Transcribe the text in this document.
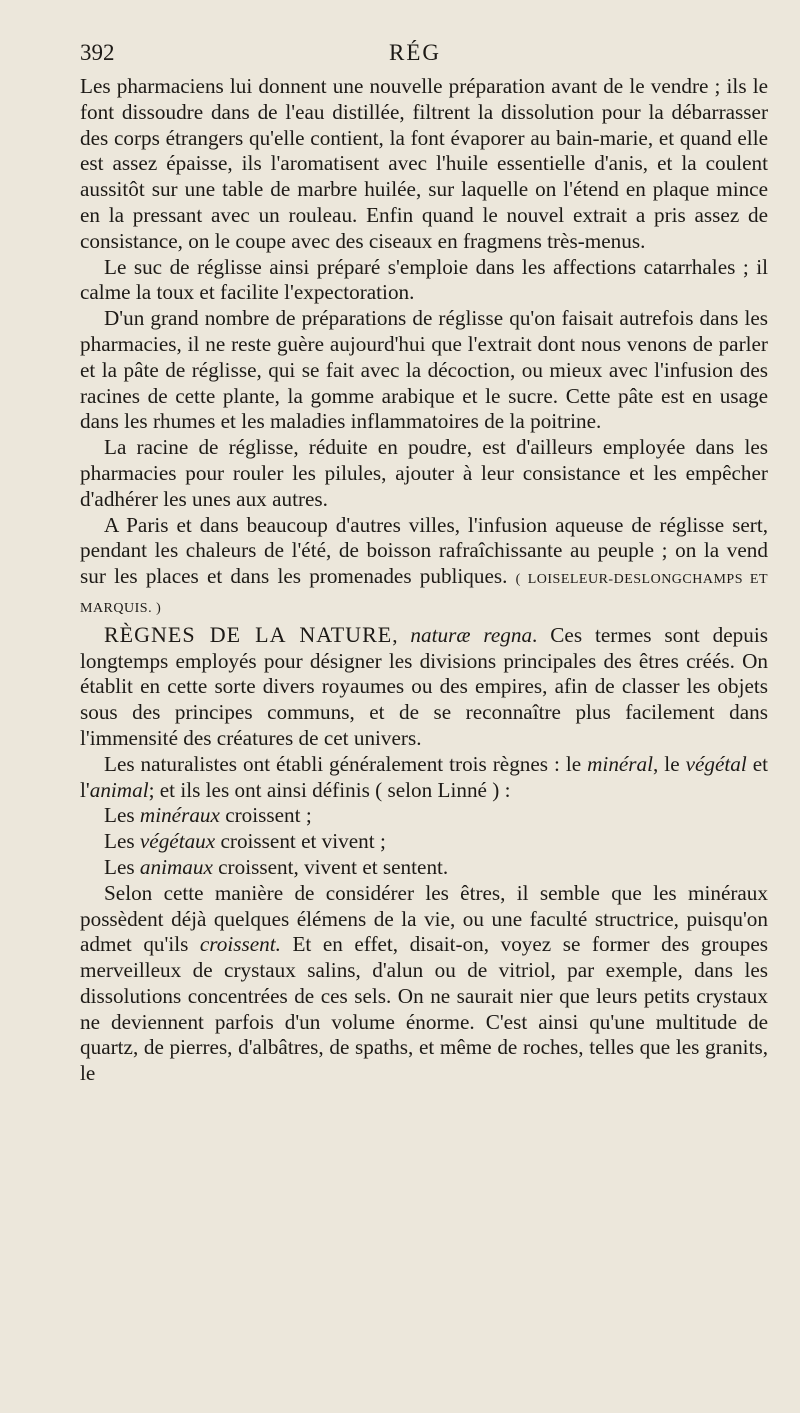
392	RÉG

Les pharmaciens lui donnent une nouvelle préparation avant de le vendre ; ils le font dissoudre dans de l'eau distillée, filtrent la dissolution pour la débarrasser des corps étrangers qu'elle contient, la font évaporer au bain-marie, et quand elle est assez épaisse, ils l'aromatisent avec l'huile essentielle d'anis, et la coulent aussitôt sur une table de marbre huilée, sur laquelle on l'étend en plaque mince en la pressant avec un rouleau. Enfin quand le nouvel extrait a pris assez de consistance, on le coupe avec des ciseaux en fragmens très-menus.

Le suc de réglisse ainsi préparé s'emploie dans les affections catarrhales ; il calme la toux et facilite l'expectoration.

D'un grand nombre de préparations de réglisse qu'on faisait autrefois dans les pharmacies, il ne reste guère aujourd'hui que l'extrait dont nous venons de parler et la pâte de réglisse, qui se fait avec la décoction, ou mieux avec l'infusion des racines de cette plante, la gomme arabique et le sucre. Cette pâte est en usage dans les rhumes et les maladies inflammatoires de la poitrine.

La racine de réglisse, réduite en poudre, est d'ailleurs employée dans les pharmacies pour rouler les pilules, ajouter à leur consistance et les empêcher d'adhérer les unes aux autres.

A Paris et dans beaucoup d'autres villes, l'infusion aqueuse de réglisse sert, pendant les chaleurs de l'été, de boisson rafraîchissante au peuple ; on la vend sur les places et dans les promenades publiques. ( LOISELEUR-DESLONGCHAMPS ET MARQUIS. )

RÈGNES DE LA NATURE, naturæ regna. Ces termes sont depuis longtemps employés pour désigner les divisions principales des êtres créés. On établit en cette sorte divers royaumes ou des empires, afin de classer les objets sous des principes communs, et de se reconnaître plus facilement dans l'immensité des créatures de cet univers.

Les naturalistes ont établi généralement trois règnes : le minéral, le végétal et l'animal; et ils les ont ainsi définis ( selon Linné ) :

Les minéraux croissent ;

Les végétaux croissent et vivent ;

Les animaux croissent, vivent et sentent.

Selon cette manière de considérer les êtres, il semble que les minéraux possèdent déjà quelques élémens de la vie, ou une faculté structrice, puisqu'on admet qu'ils croissent. Et en effet, disait-on, voyez se former des groupes merveilleux de crystaux salins, d'alun ou de vitriol, par exemple, dans les dissolutions concentrées de ces sels. On ne saurait nier que leurs petits crystaux ne deviennent parfois d'un volume énorme. C'est ainsi qu'une multitude de quartz, de pierres, d'albâtres, de spaths, et même de roches, telles que les granits, le
